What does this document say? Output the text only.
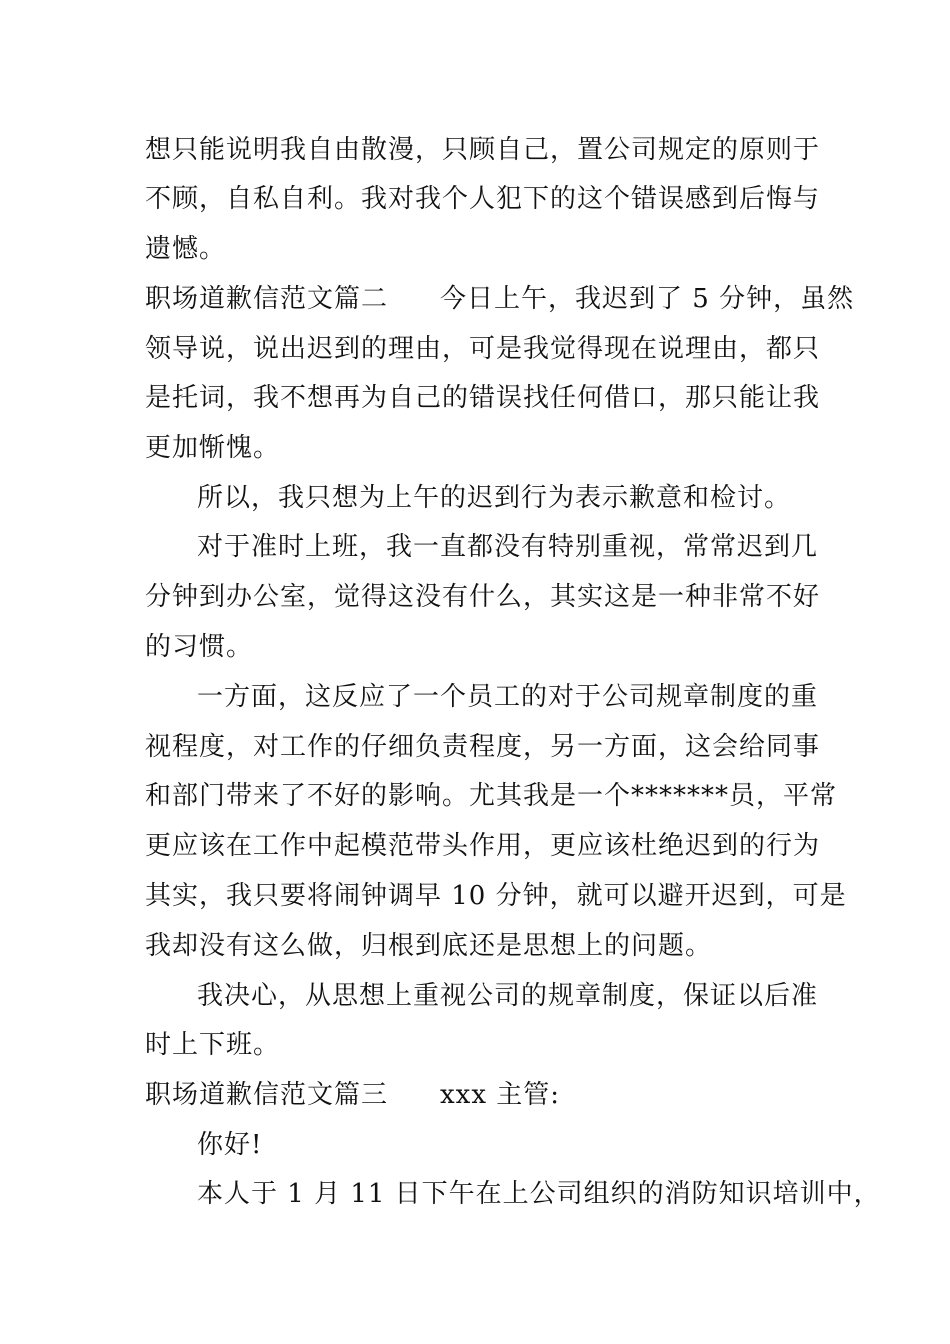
想只能说明我自由散漫，只顾自己，置公司规定的原则于
不顾，自私自利。我对我个人犯下的这个错误感到后悔与
遗憾。
职场道歉信范文篇二 今日上午，我迟到了 5 分钟，虽然
领导说，说出迟到的理由，可是我觉得现在说理由，都只
是托词，我不想再为自己的错误找任何借口，那只能让我
更加惭愧。
所以，我只想为上午的迟到行为表示歉意和检讨。
对于准时上班，我一直都没有特别重视，常常迟到几
分钟到办公室，觉得这没有什么，其实这是一种非常不好
的习惯。
一方面，这反应了一个员工的对于公司规章制度的重
视程度，对工作的仔细负责程度，另一方面，这会给同事
和部门带来了不好的影响。尤其我是一个*******员，平常
更应该在工作中起模范带头作用，更应该杜绝迟到的行为
其实，我只要将闹钟调早 10 分钟，就可以避开迟到，可是
我却没有这么做，归根到底还是思想上的问题。
我决心，从思想上重视公司的规章制度，保证以后准
时上下班。
职场道歉信范文篇三 xxx 主管:
你好!
本人于 1 月 11 日下午在上公司组织的消防知识培训中，
